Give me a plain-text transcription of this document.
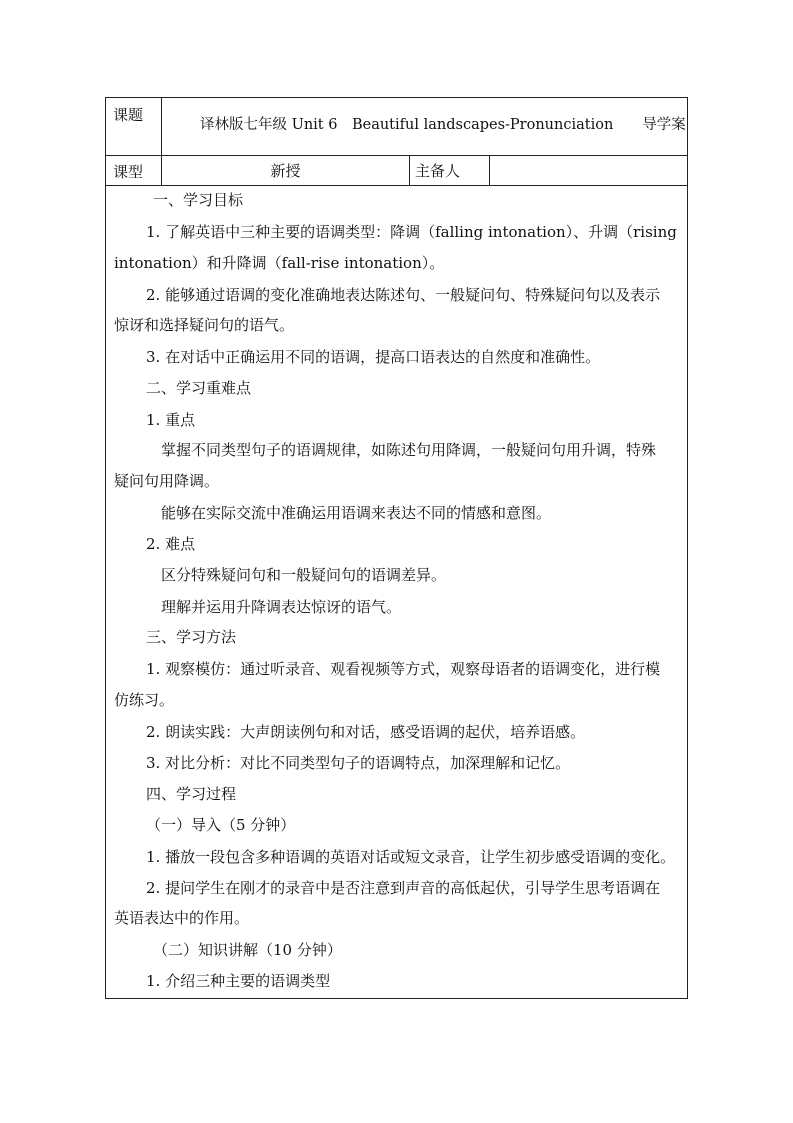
课题
译林版七年级 Unit 6　Beautiful landscapes-Pronunciation　　导学案
课型	新授	主备人
一、学习目标
1. 了解英语中三种主要的语调类型：降调（falling intonation）、升调（rising
intonation）和升降调（fall-rise intonation）。
2. 能够通过语调的变化准确地表达陈述句、一般疑问句、特殊疑问句以及表示
惊讶和选择疑问句的语气。
3. 在对话中正确运用不同的语调，提高口语表达的自然度和准确性。
二、学习重难点
1. 重点
掌握不同类型句子的语调规律，如陈述句用降调，一般疑问句用升调，特殊
疑问句用降调。
能够在实际交流中准确运用语调来表达不同的情感和意图。
2. 难点
区分特殊疑问句和一般疑问句的语调差异。
理解并运用升降调表达惊讶的语气。
三、学习方法
1. 观察模仿：通过听录音、观看视频等方式，观察母语者的语调变化，进行模
仿练习。
2. 朗读实践：大声朗读例句和对话，感受语调的起伏，培养语感。
3. 对比分析：对比不同类型句子的语调特点，加深理解和记忆。
四、学习过程
（一）导入（5 分钟）
1. 播放一段包含多种语调的英语对话或短文录音，让学生初步感受语调的变化。
2. 提问学生在刚才的录音中是否注意到声音的高低起伏，引导学生思考语调在
英语表达中的作用。
（二）知识讲解（10 分钟）
1. 介绍三种主要的语调类型
